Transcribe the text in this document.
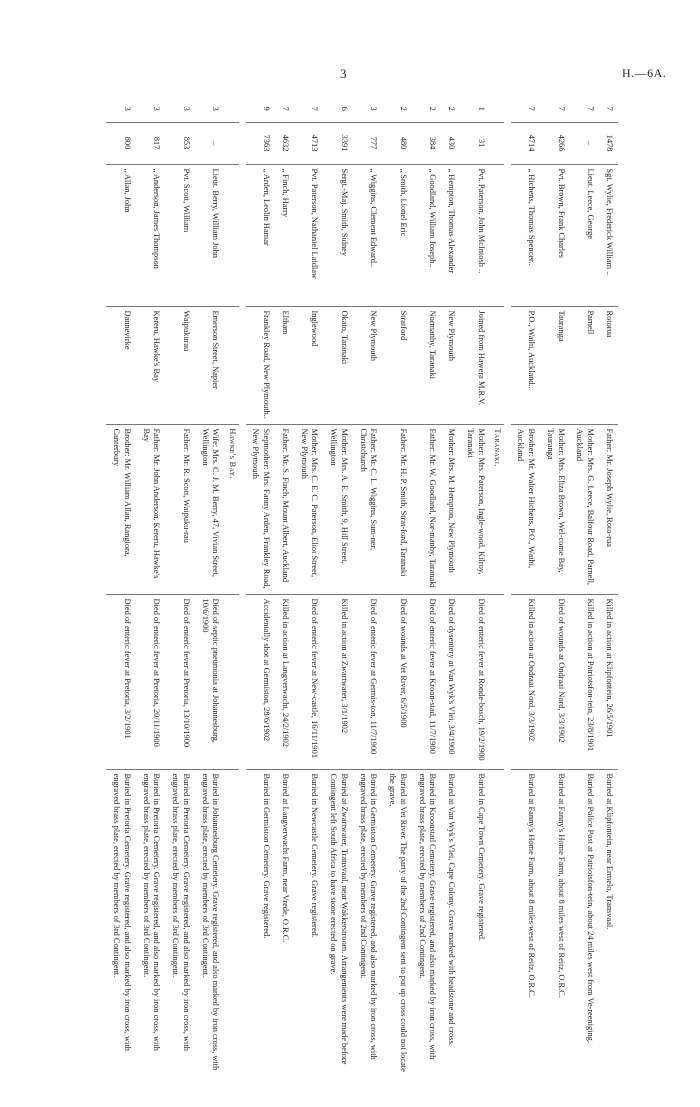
3	H.—6A.
7	1478	Sgt. Wylie, Frederick William ..	Rotorua	Father: Mr. Joseph Wylie, Roto-rua	Killed in action at Klipfontein, 26/5/1901	Buried at Klipfontein, near Ermelo, Transvaal.
7	..	Lieut. Leece, George	Parnell	Mother: Mrs. G. Leece, Balfour Road, Parnell, Auckland	Killed in action at Patriotsfon-tein, 23/8/1901	Buried at Police Post at Patriotsfon-tein, about 24 miles west from Ve-reeniging.
7	4266	Pvt. Brown, Frank Charles	Tauranga	Mother: Mrs. Eliza Brown, Wel-come Bay, Tauranga	Died of wounds at Ondraai Nord, 3/3/1902	Buried at Fanny's Home Farm, about 8 miles west of Reitz, O.R.C.
7	4714	„ Hichens, Thomas Spencer..	P.O., Waihi, Auckland..	Brother: Mr. Walter Hichens, P.O., Waihi, Auckland	Killed in action at Ondraai Nord, 3/3/1902	Buried at Fanny's Home Farm, about 8 miles west of Reitz, O.R.C.

				Taranaki.		
1	31	Pvt. Paterson, John McIntosh ..	Joined from Hawera M.R.V.	Mother: Mrs. Paterson, Ingle-wood, Kilroy, Taranaki	Died of enteric fever at Ronde-bosch, 19/2/1900	Buried in Cape Town Cemetery. Grave registered.
2	430	„ Hempton, Thomas Alexander	New Plymouth	Mother: Mrs. M. Hempton, New Plymouth	Died of dysentery at Van Wyk's Vlei, 3/4/1900	Buried at Van Wyk's Vlei, Cape Colony. Grave marked with headstone and cross.
2	384	„ Goodland, William Joseph..	Normanby, Taranaki	Father: Mr. W. Goodland, Nor-manby, Taranaki	Died of enteric fever at Kroon-stad, 11/7/1900	Buried in Kroonstad Cemetery. Grave registered, and also marked by iron cross, with engraved brass plate, erected by members of 2nd Contingent.
2	480	„ Smith, Lionel Eric	Stratford	Father: Mr. H. P. Smith, Strat-ford, Taranaki	Died of wounds at Vet River, 6/5/1900	Buried at Vet River. The party of the 2nd Contingent sent to put up cross could not locate the grave.
3	777	„ Wiggins, Clement Edward..	New Plymouth	Father: Mr. C. L. Wiggins, Sum-ner, Christchurch	Died of enteric fever at Germis-ton, 11/7/1900	Buried in Germiston Cemetery. Grave registered, and also marked by iron cross, with engraved brass plate, erected by members of 2nd Contingent.
6	3391	Sergt.-Maj. Smith, Sidney	Okato, Taranaki	Mother: Mrs. A. E. Smith, 9, Hill Street, Wellington	Killed in action at Zwartwater, 3/1/1902	Buried at Zwartwater, Transvaal, near Wakkerstroom. Arrangements were made before Contingent left South Africa to have stone erected on grave.
7	4713	Pvt. Paterson, Nathaniel Laidlaw	Inglewood	Mother: Mrs. C. E. C. Paterson, Eliot Street, New Plymouth	Died of enteric fever at New-castle, 16/11/1901	Buried in Newcastle Cemetery. Grave registered.
7	4632	„ Finch, Harry	Eltham	Father: Mr. S. Finch, Mount Albert, Auckland	Killed in action at Langverwacht, 24/2/1902	Buried at Langverwacht Farm, near Vrede, O.R.C.
9	7363	„ Arden, Leolin Hamar	Frankley Road, New Plymouth..	Stepmother: Mrs. Fanny Arden, Frankley Road, New Plymouth	Accidentally shot at Germiston, 28/6/1902	Buried in Germiston Cemetery. Grave registered.

				Hawke's Bay.		
3	..	Lieut. Berry, William John	Emerson Street, Napier	Wife: Mrs. C. J. M. Berry, 47, Vivian Street, Wellington	Died of septic pneumonia at Johannesburg, 10/6/1900	Buried in Johannesburg Cemetery. Grave registered, and also marked by iron cross, with engraved brass plate, erected by members of 3rd Contingent.
3	853	Pvt. Scott, William	Waipukurau	Father: Mr. R. Scott, Waipuku-rau	Died of enteric fever at Pretoria, 13/10/1900	Buried in Pretoria Cemetery. Grave registered, and also marked by iron cross, with engraved brass plate, erected by members of 3rd Contingent.
3	817	„ Anderson, James Thompson	Kereru, Hawke's Bay	Father: Mr. John Anderson, Kereru, Hawke's Bay	Died of enteric fever at Pretoria, 20/11/1900	Buried in Pretoria Cemetery. Grave registered, and also marked by iron cross, with engraved brass plate, erected by members of 3rd Contingent.
3	800	„ Allan, John	Dannevirke	Brother: Mr. William Allan, Rangiora, Canterbury	Died of enteric fever at Pretoria, 3/2/1901	Buried in Pretoria Cemetery. Grave registered, and also marked by iron cross, with engraved brass plate, erected by members of 3rd Contingent.
